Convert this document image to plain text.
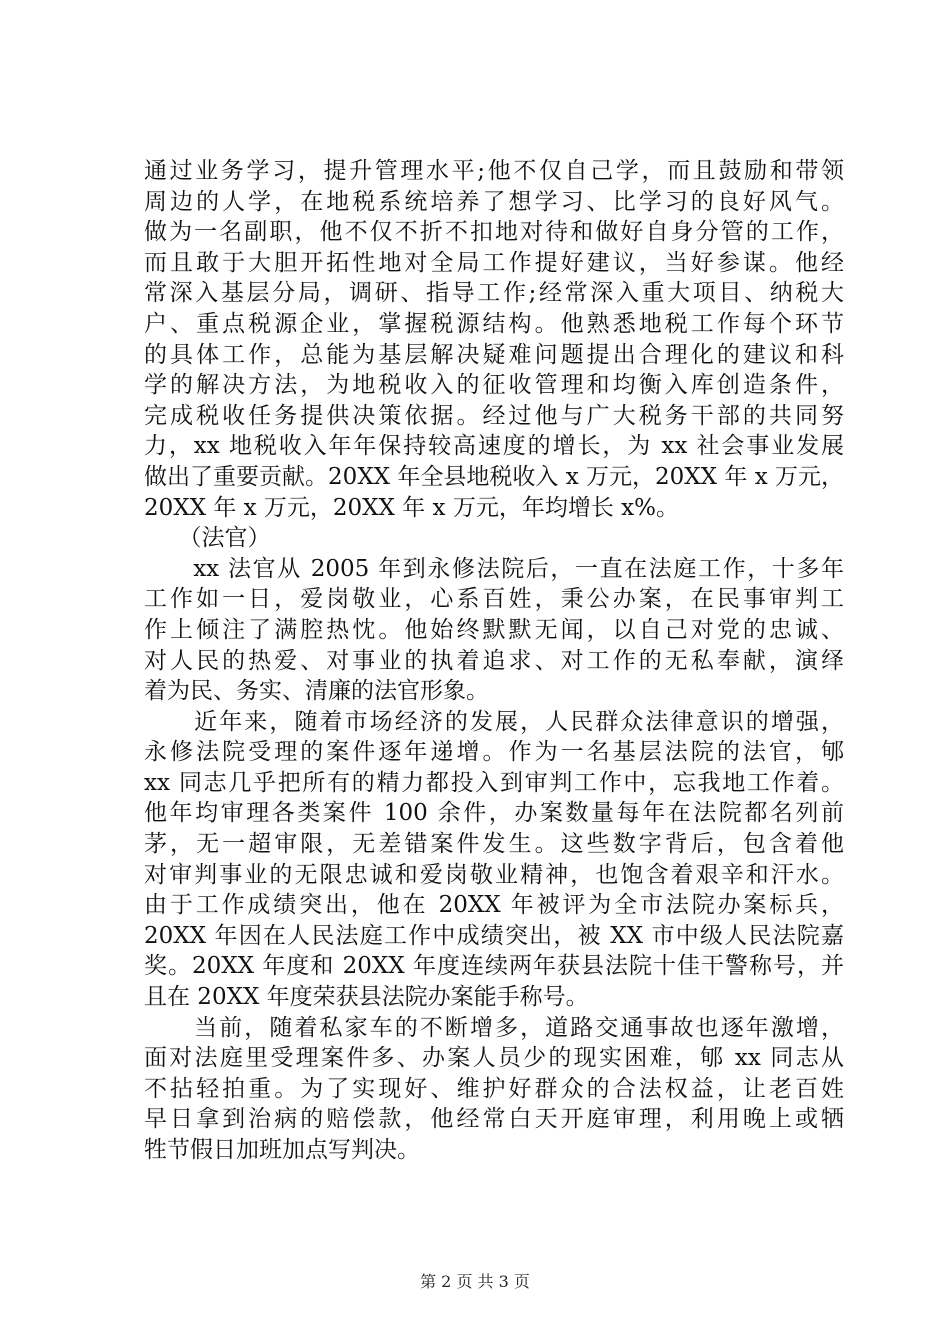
通过业务学习，提升管理水平;他不仅自己学，而且鼓励和带领
周边的人学，在地税系统培养了想学习、比学习的良好风气。
做为一名副职，他不仅不折不扣地对待和做好自身分管的工作，
而且敢于大胆开拓性地对全局工作提好建议，当好参谋。他经
常深入基层分局，调研、指导工作;经常深入重大项目、纳税大
户、重点税源企业，掌握税源结构。他熟悉地税工作每个环节
的具体工作，总能为基层解决疑难问题提出合理化的建议和科
学的解决方法，为地税收入的征收管理和均衡入库创造条件，
完成税收任务提供决策依据。经过他与广大税务干部的共同努
力，xx 地税收入年年保持较高速度的增长，为 xx 社会事业发展
做出了重要贡献。20XX 年全县地税收入 x 万元，20XX 年 x 万元，
20XX 年 x 万元，20XX 年 x 万元，年均增长 x%。
　　（法官）
　　xx 法官从 2005 年到永修法院后，一直在法庭工作，十多年
工作如一日，爱岗敬业，心系百姓，秉公办案，在民事审判工
作上倾注了满腔热忱。他始终默默无闻，以自己对党的忠诚、
对人民的热爱、对事业的执着追求、对工作的无私奉献，演绎
着为民、务实、清廉的法官形象。
　　近年来，随着市场经济的发展，人民群众法律意识的增强，
永修法院受理的案件逐年递增。作为一名基层法院的法官，郇
xx 同志几乎把所有的精力都投入到审判工作中，忘我地工作着。
他年均审理各类案件 100 余件，办案数量每年在法院都名列前
茅，无一超审限，无差错案件发生。这些数字背后，包含着他
对审判事业的无限忠诚和爱岗敬业精神，也饱含着艰辛和汗水。
由于工作成绩突出，他在 20XX 年被评为全市法院办案标兵，
20XX 年因在人民法庭工作中成绩突出，被 XX 市中级人民法院嘉
奖。20XX 年度和 20XX 年度连续两年获县法院十佳干警称号，并
且在 20XX 年度荣获县法院办案能手称号。
　　当前，随着私家车的不断增多，道路交通事故也逐年激增，
面对法庭里受理案件多、办案人员少的现实困难，郇 xx 同志从
不拈轻拍重。为了实现好、维护好群众的合法权益，让老百姓
早日拿到治病的赔偿款，他经常白天开庭审理，利用晚上或牺
牲节假日加班加点写判决。
第 2 页 共 3 页
